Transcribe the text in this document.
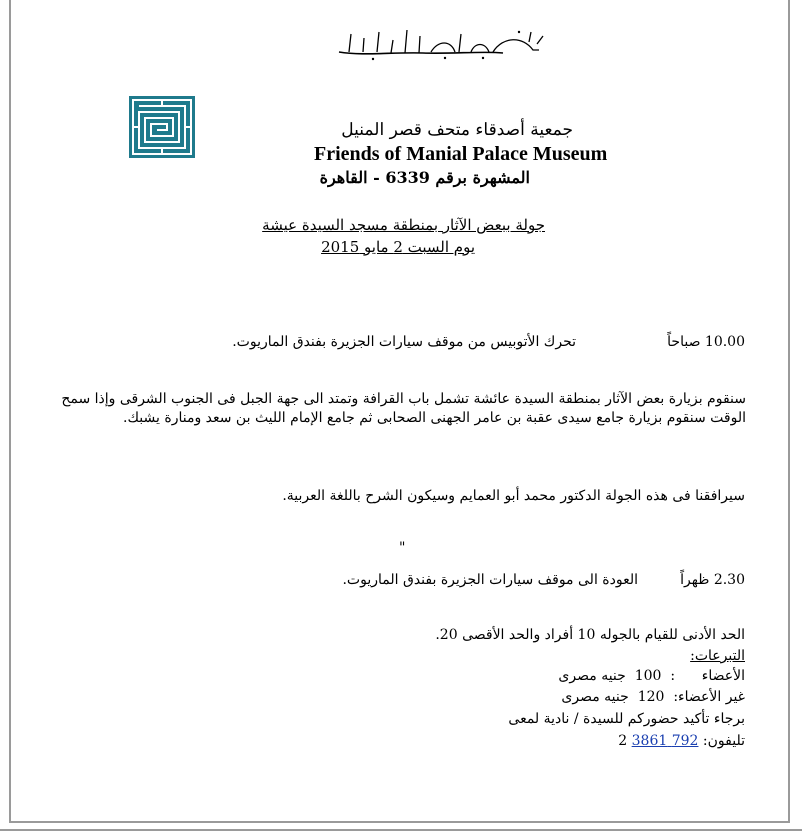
جمعية أصدقاء متحف قصر المنيل
Friends of Manial Palace Museum
المشهرة برقم 6339 - القاهرة
جولة ببعض الآثار بمنطقة مسجد السيدة عيشة
يوم السبت 2 مايو 2015
10.00 صباحاً
تحرك الأتوبيس من موقف سيارات الجزيرة بفندق الماريوت.
سنقوم بزيارة بعض الآثار بمنطقة السيدة عائشة تشمل باب القرافة وتمتد الى جهة الجبل فى الجنوب الشرقى وإذا سمح الوقت سنقوم بزيارة جامع سيدى عقبة بن عامر الجهنى الصحابى ثم جامع الإمام الليث بن سعد ومنارة يشبك.
سيرافقنا فى هذه الجولة الدكتور محمد أبو العمايم وسيكون الشرح باللغة العربية.
"
2.30 ظهراً
العودة الى موقف سيارات الجزيرة بفندق الماريوت.
الحد الأدنى للقيام بالجوله 10 أفراد والحد الأقصى 20.
التبرعات:
الأعضاء      :  100  جنيه مصرى
غير الأعضاء:  120  جنيه مصرى
برجاء تأكيد حضوركم للسيدة / نادية لمعى
تليفون: 792 3861 2
